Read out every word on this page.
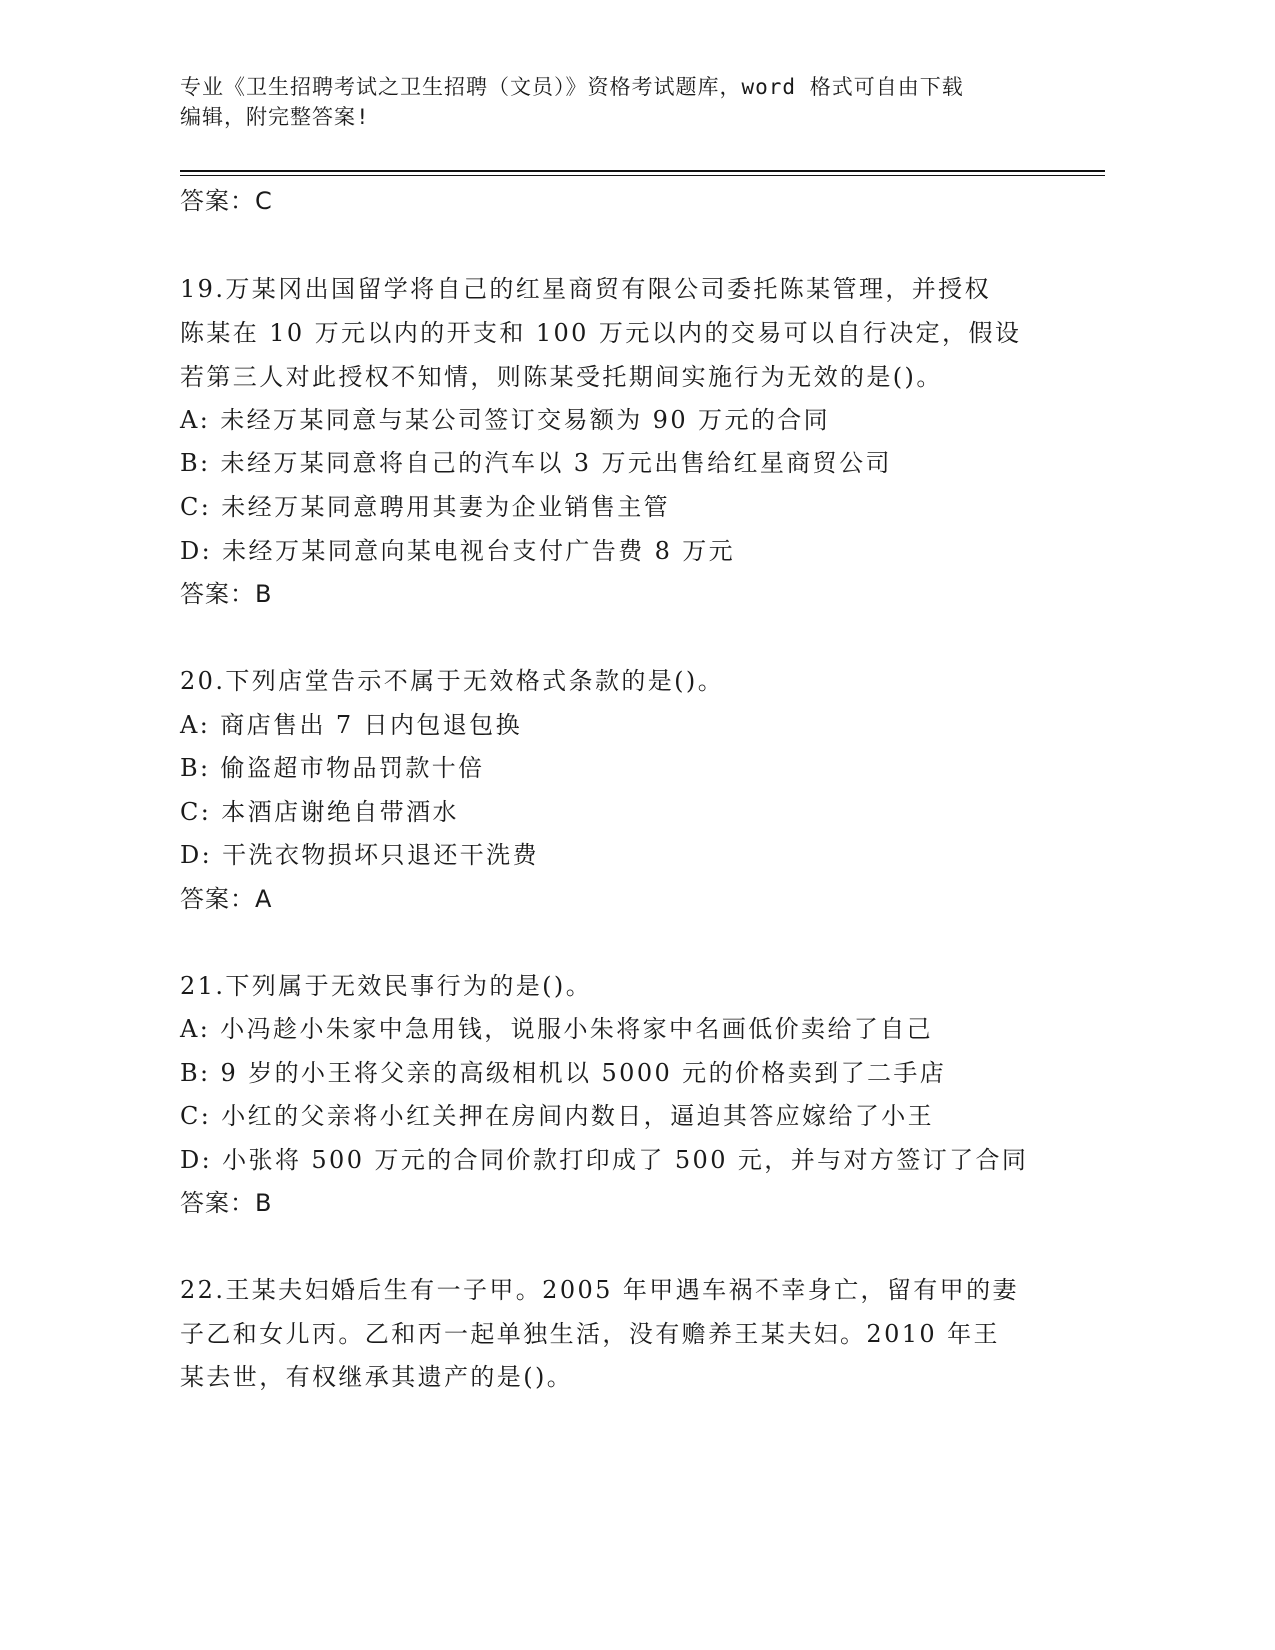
专业《卫生招聘考试之卫生招聘（文员）》资格考试题库，word 格式可自由下载
编辑，附完整答案!
答案：C
19.万某冈出国留学将自己的红星商贸有限公司委托陈某管理，并授权
陈某在 10 万元以内的开支和 100 万元以内的交易可以自行决定，假设
若第三人对此授权不知情，则陈某受托期间实施行为无效的是()。
A: 未经万某同意与某公司签订交易额为 90 万元的合同
B: 未经万某同意将自己的汽车以 3 万元出售给红星商贸公司
C: 未经万某同意聘用其妻为企业销售主管
D: 未经万某同意向某电视台支付广告费 8 万元
答案：B
20.下列店堂告示不属于无效格式条款的是()。
A: 商店售出 7 日内包退包换
B: 偷盗超市物品罚款十倍
C: 本酒店谢绝自带酒水
D: 干洗衣物损坏只退还干洗费
答案：A
21.下列属于无效民事行为的是()。
A: 小冯趁小朱家中急用钱，说服小朱将家中名画低价卖给了自己
B: 9 岁的小王将父亲的高级相机以 5000 元的价格卖到了二手店
C: 小红的父亲将小红关押在房间内数日，逼迫其答应嫁给了小王
D: 小张将 500 万元的合同价款打印成了 500 元，并与对方签订了合同
答案：B
22.王某夫妇婚后生有一子甲。2005 年甲遇车祸不幸身亡，留有甲的妻
子乙和女儿丙。乙和丙一起单独生活，没有赡养王某夫妇。2010 年王
某去世，有权继承其遗产的是()。
